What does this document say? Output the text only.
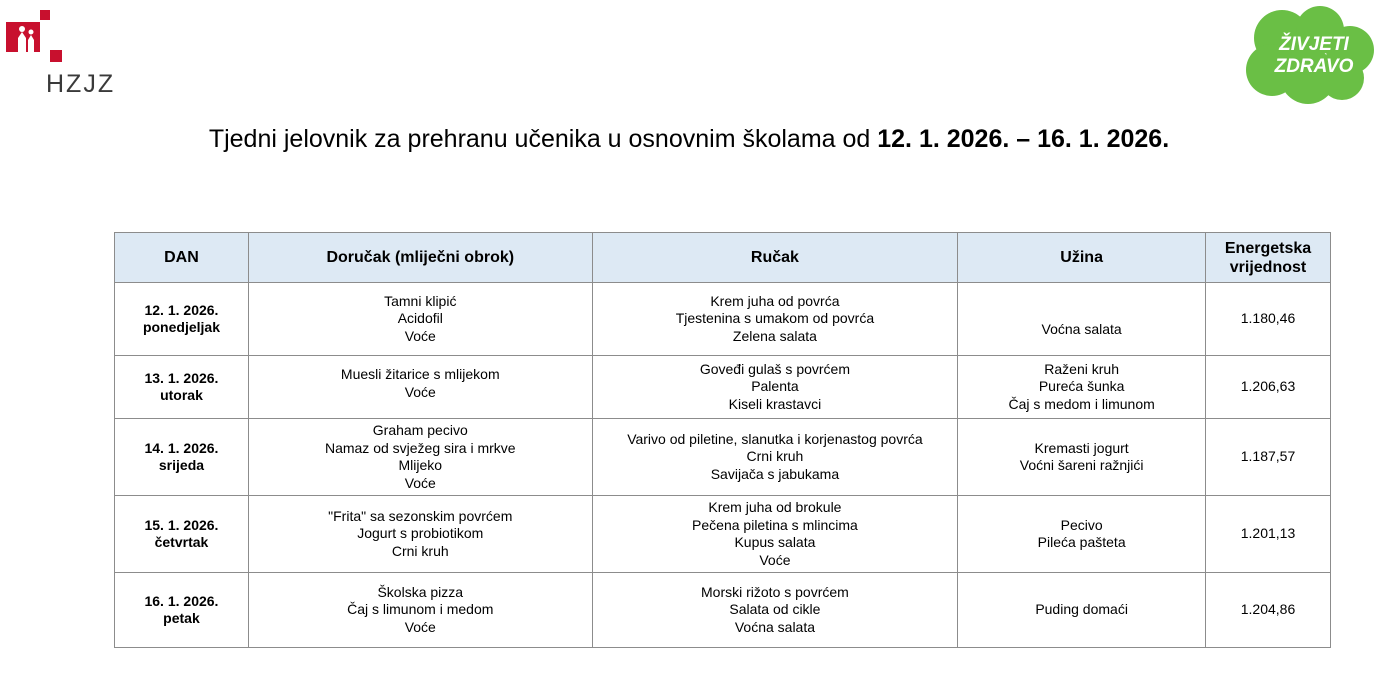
HZJZ
ŽIVJETI
ZDRAVO
Tjedni jelovnik za prehranu učenika u osnovnim školama od 12. 1. 2026. – 16. 1. 2026.
DAN	Doručak (mliječni obrok)	Ručak	Užina	Energetska vrijednost

12. 1. 2026.
ponedjeljak	Tamni klipić
Acidofil
Voće	Krem juha od povrća
Tjestenina s umakom od povrća
Zelena salata	Voćna salata	1.180,46

13. 1. 2026.
utorak	Muesli žitarice s mlijekom
Voće	Goveđi gulaš s povrćem
Palenta
Kiseli krastavci	Raženi kruh
Pureća šunka
Čaj s medom i limunom	1.206,63

14. 1. 2026.
srijeda	Graham pecivo
Namaz od svježeg sira i mrkve
Mlijeko
Voće	Varivo od piletine, slanutka i korjenastog povrća
Crni kruh
Savijača s jabukama	Kremasti jogurt
Voćni šareni ražnjići	1.187,57

15. 1. 2026.
četvrtak	"Frita" sa sezonskim povrćem
Jogurt s probiotikom
Crni kruh	Krem juha od brokule
Pečena piletina s mlincima
Kupus salata
Voće	Pecivo
Pileća pašteta	1.201,13

16. 1. 2026.
petak	Školska pizza
Čaj s limunom i medom
Voće	Morski rižoto s povrćem
Salata od cikle
Voćna salata	Puding domaći	1.204,86
